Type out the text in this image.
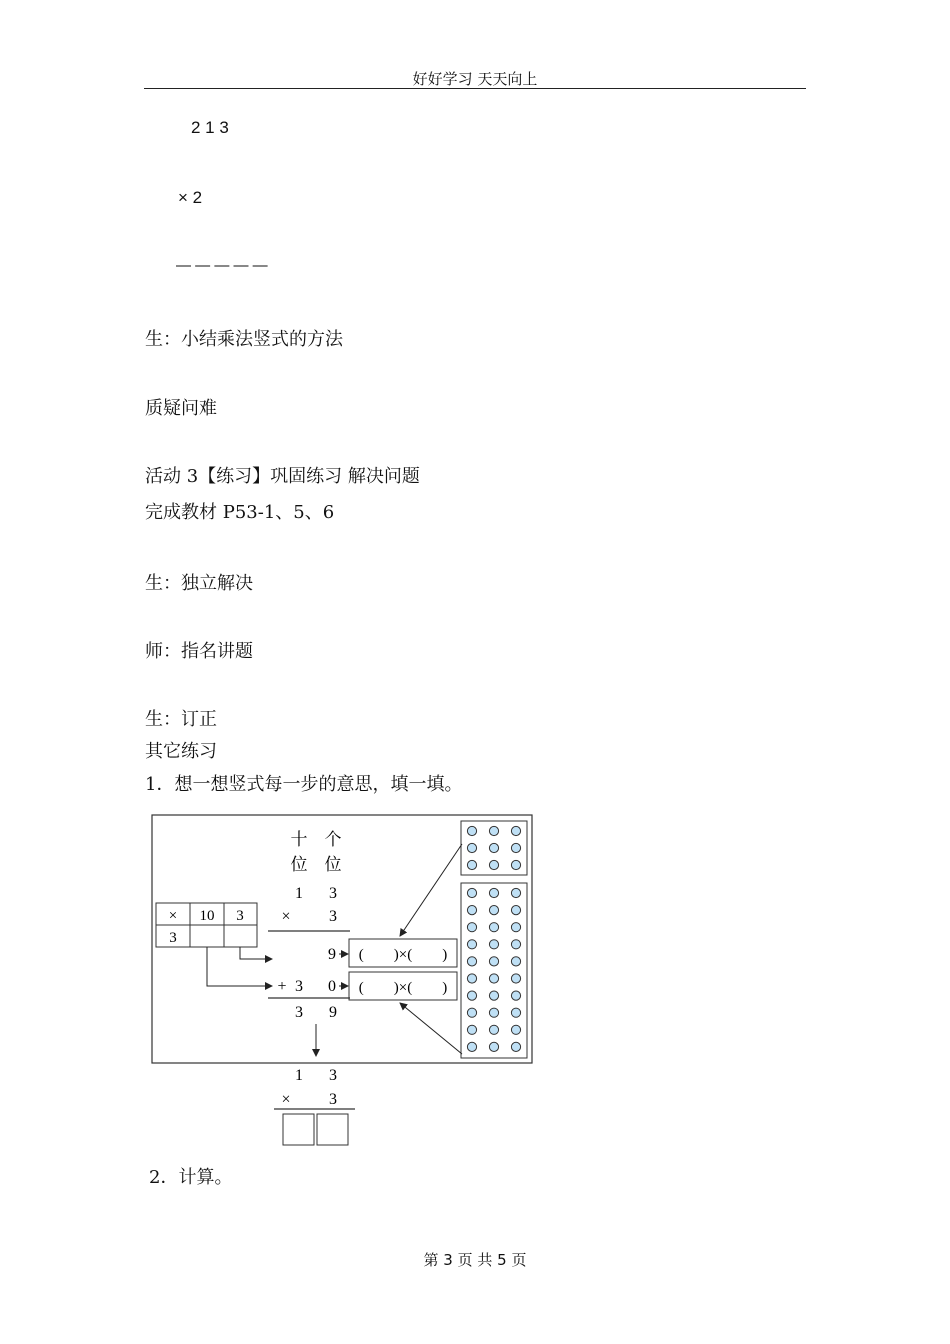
好好学习 天天向上
2 1 3
× 2
— — — — —
生：小结乘法竖式的方法
质疑问难
活动 3【练习】巩固练习 解决问题
完成教材 P53-1、5、6
生：独立解决
师：指名讲题
生：订正
其它练习
1．想一想竖式每一步的意思，填一填。
十
位
个
位
× 10 3
3
1 3
× 3
9
+ 3 0
3 9
(　　)×(　　)
(　　)×(　　)
1 3
× 3
2．计算。
第 3 页 共 5 页
